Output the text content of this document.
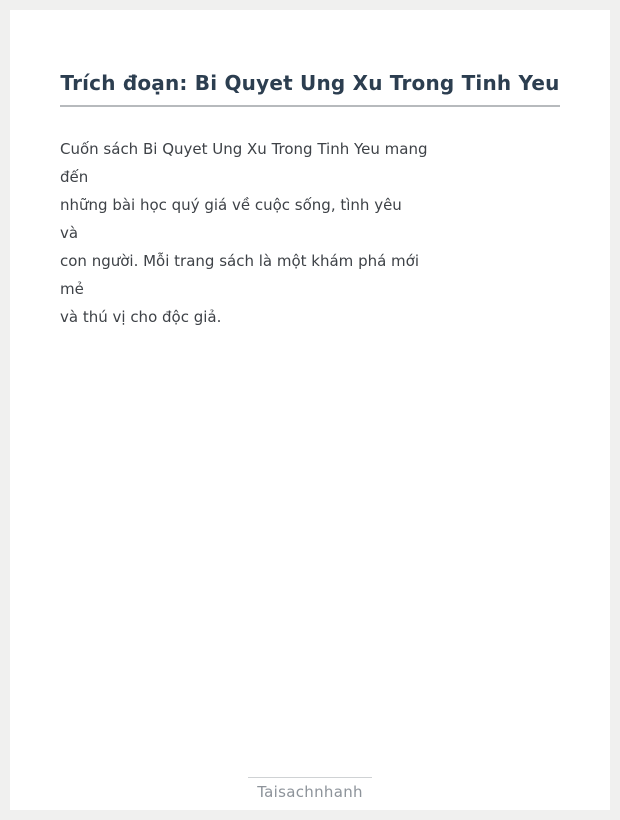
Trích đoạn: Bi Quyet Ung Xu Trong Tinh Yeu
Cuốn sách Bi Quyet Ung Xu Trong Tinh Yeu mang
đến
những bài học quý giá về cuộc sống, tình yêu
và
con người. Mỗi trang sách là một khám phá mới
mẻ
và thú vị cho độc giả.
Taisachnhanh
